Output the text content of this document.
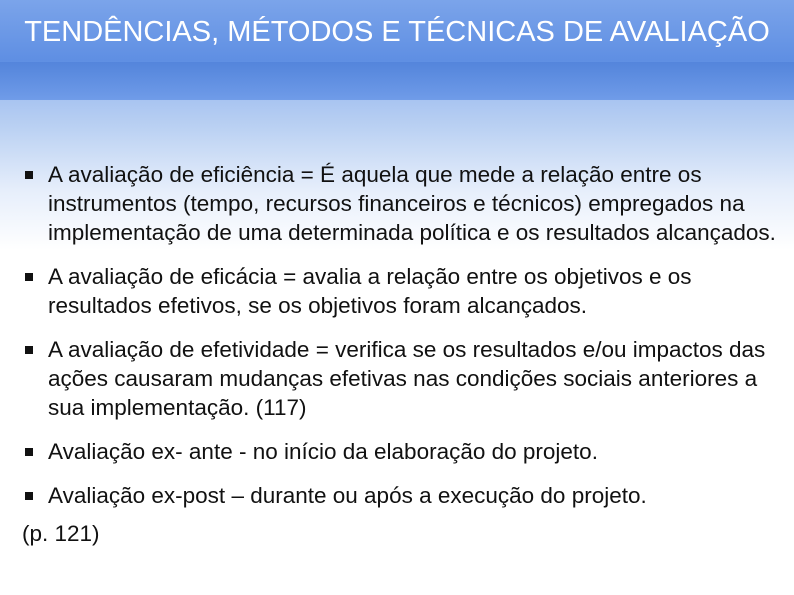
TENDÊNCIAS, MÉTODOS E TÉCNICAS DE AVALIAÇÃO
A avaliação de eficiência = É aquela que mede a relação entre os instrumentos (tempo, recursos financeiros e técnicos) empregados na implementação de uma determinada política e os resultados alcançados.
A avaliação de eficácia = avalia a relação entre os objetivos e os resultados efetivos, se os objetivos foram alcançados.
A avaliação de efetividade = verifica se os resultados e/ou impactos das ações causaram mudanças efetivas nas condições sociais anteriores a sua implementação. (117)
Avaliação ex- ante - no início da elaboração do projeto.
Avaliação ex-post – durante ou após a execução do projeto.

(p. 121)
